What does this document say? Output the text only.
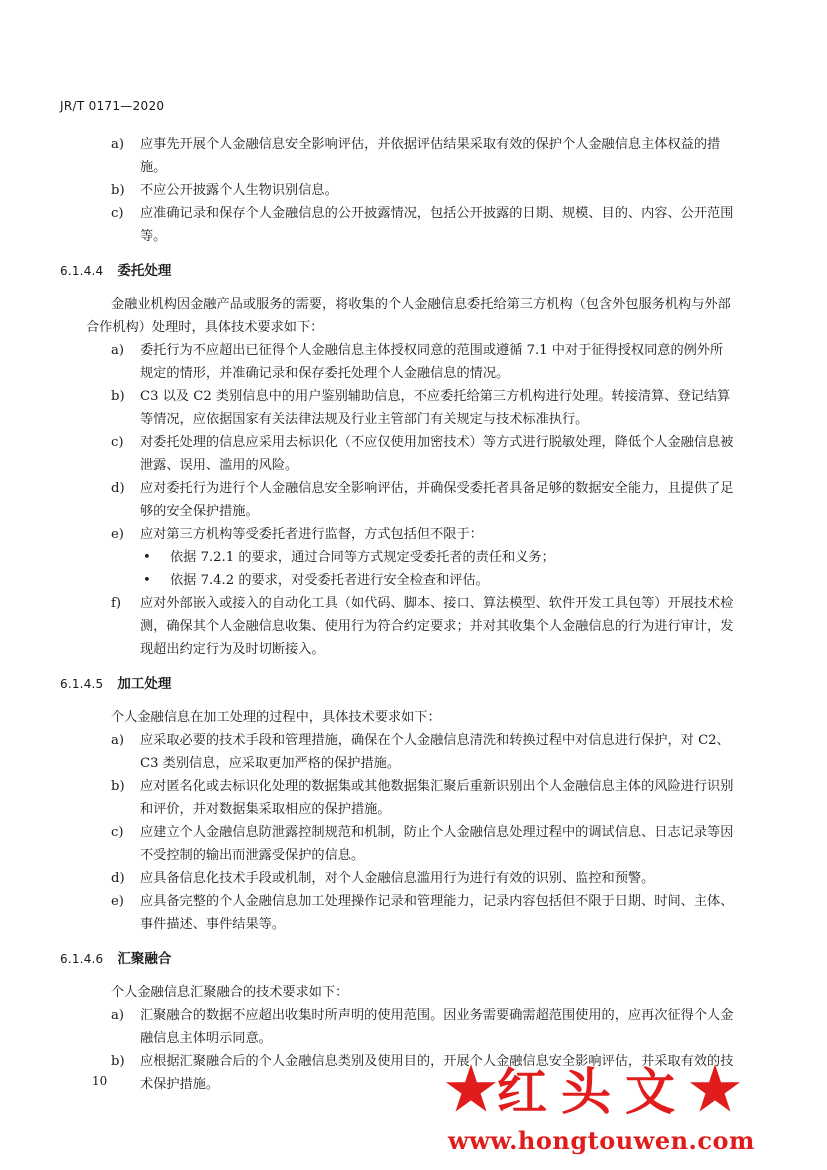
JR/T 0171—2020
a) 应事先开展个人金融信息安全影响评估，并依据评估结果采取有效的保护个人金融信息主体权益的措施。
b) 不应公开披露个人生物识别信息。
c) 应准确记录和保存个人金融信息的公开披露情况，包括公开披露的日期、规模、目的、内容、公开范围等。
6.1.4.4 委托处理
金融业机构因金融产品或服务的需要，将收集的个人金融信息委托给第三方机构（包含外包服务机构与外部合作机构）处理时，具体技术要求如下：
a) 委托行为不应超出已征得个人金融信息主体授权同意的范围或遵循 7.1 中对于征得授权同意的例外所规定的情形，并准确记录和保存委托处理个人金融信息的情况。
b) C3 以及 C2 类别信息中的用户鉴别辅助信息，不应委托给第三方机构进行处理。转接清算、登记结算等情况，应依据国家有关法律法规及行业主管部门有关规定与技术标准执行。
c) 对委托处理的信息应采用去标识化（不应仅使用加密技术）等方式进行脱敏处理，降低个人金融信息被泄露、误用、滥用的风险。
d) 应对委托行为进行个人金融信息安全影响评估，并确保受委托者具备足够的数据安全能力，且提供了足够的安全保护措施。
e) 应对第三方机构等受委托者进行监督，方式包括但不限于：
• 依据 7.2.1 的要求，通过合同等方式规定受委托者的责任和义务；
• 依据 7.4.2 的要求，对受委托者进行安全检查和评估。
f) 应对外部嵌入或接入的自动化工具（如代码、脚本、接口、算法模型、软件开发工具包等）开展技术检测，确保其个人金融信息收集、使用行为符合约定要求；并对其收集个人金融信息的行为进行审计，发现超出约定行为及时切断接入。
6.1.4.5 加工处理
个人金融信息在加工处理的过程中，具体技术要求如下：
a) 应采取必要的技术手段和管理措施，确保在个人金融信息清洗和转换过程中对信息进行保护，对 C2、C3 类别信息，应采取更加严格的保护措施。
b) 应对匿名化或去标识化处理的数据集或其他数据集汇聚后重新识别出个人金融信息主体的风险进行识别和评价，并对数据集采取相应的保护措施。
c) 应建立个人金融信息防泄露控制规范和机制，防止个人金融信息处理过程中的调试信息、日志记录等因不受控制的输出而泄露受保护的信息。
d) 应具备信息化技术手段或机制，对个人金融信息滥用行为进行有效的识别、监控和预警。
e) 应具备完整的个人金融信息加工处理操作记录和管理能力，记录内容包括但不限于日期、时间、主体、事件描述、事件结果等。
6.1.4.6 汇聚融合
个人金融信息汇聚融合的技术要求如下：
a) 汇聚融合的数据不应超出收集时所声明的使用范围。因业务需要确需超范围使用的，应再次征得个人金融信息主体明示同意。
b) 应根据汇聚融合后的个人金融信息类别及使用目的，开展个人金融信息安全影响评估，并采取有效的技术保护措施。
10	★红头文★
www.hongtouwen.com
